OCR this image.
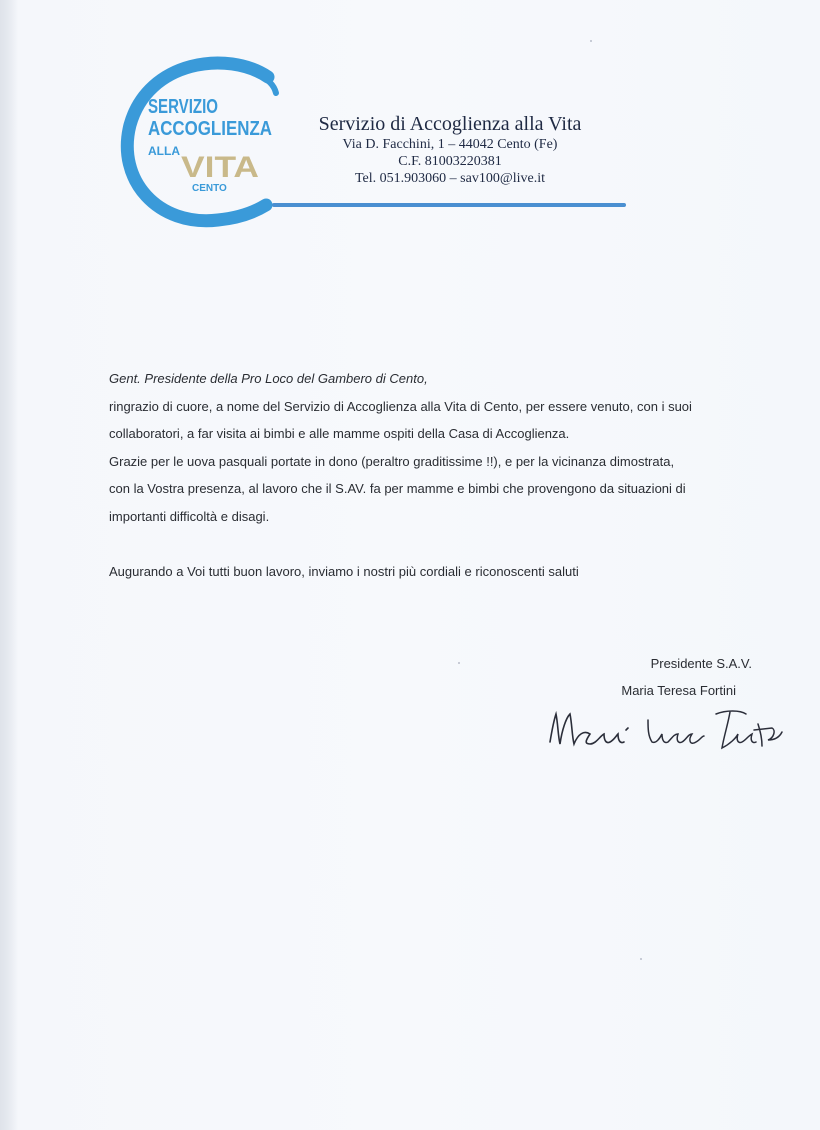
SERVIZIO
ACCOGLIENZA
ALLA VITA
CENTO
Servizio di Accoglienza alla Vita
Via D. Facchini, 1 – 44042 Cento (Fe)
C.F. 81003220381
Tel. 051.903060 – sav100@live.it

Gent. Presidente della Pro Loco del Gambero di Cento,

ringrazio di cuore, a nome del Servizio di Accoglienza alla Vita di Cento, per essere venuto, con i suoi

collaboratori, a far visita ai bimbi e alle mamme ospiti della Casa di Accoglienza.

Grazie per le uova pasquali portate in dono (peraltro graditissime !!), e per la vicinanza dimostrata,

con la Vostra presenza, al lavoro che il S.AV. fa per mamme e bimbi che provengono da situazioni di

importanti difficoltà e disagi.

Augurando a Voi tutti buon lavoro, inviamo i nostri più cordiali e riconoscenti saluti

Presidente S.A.V.

Maria Teresa Fortini
